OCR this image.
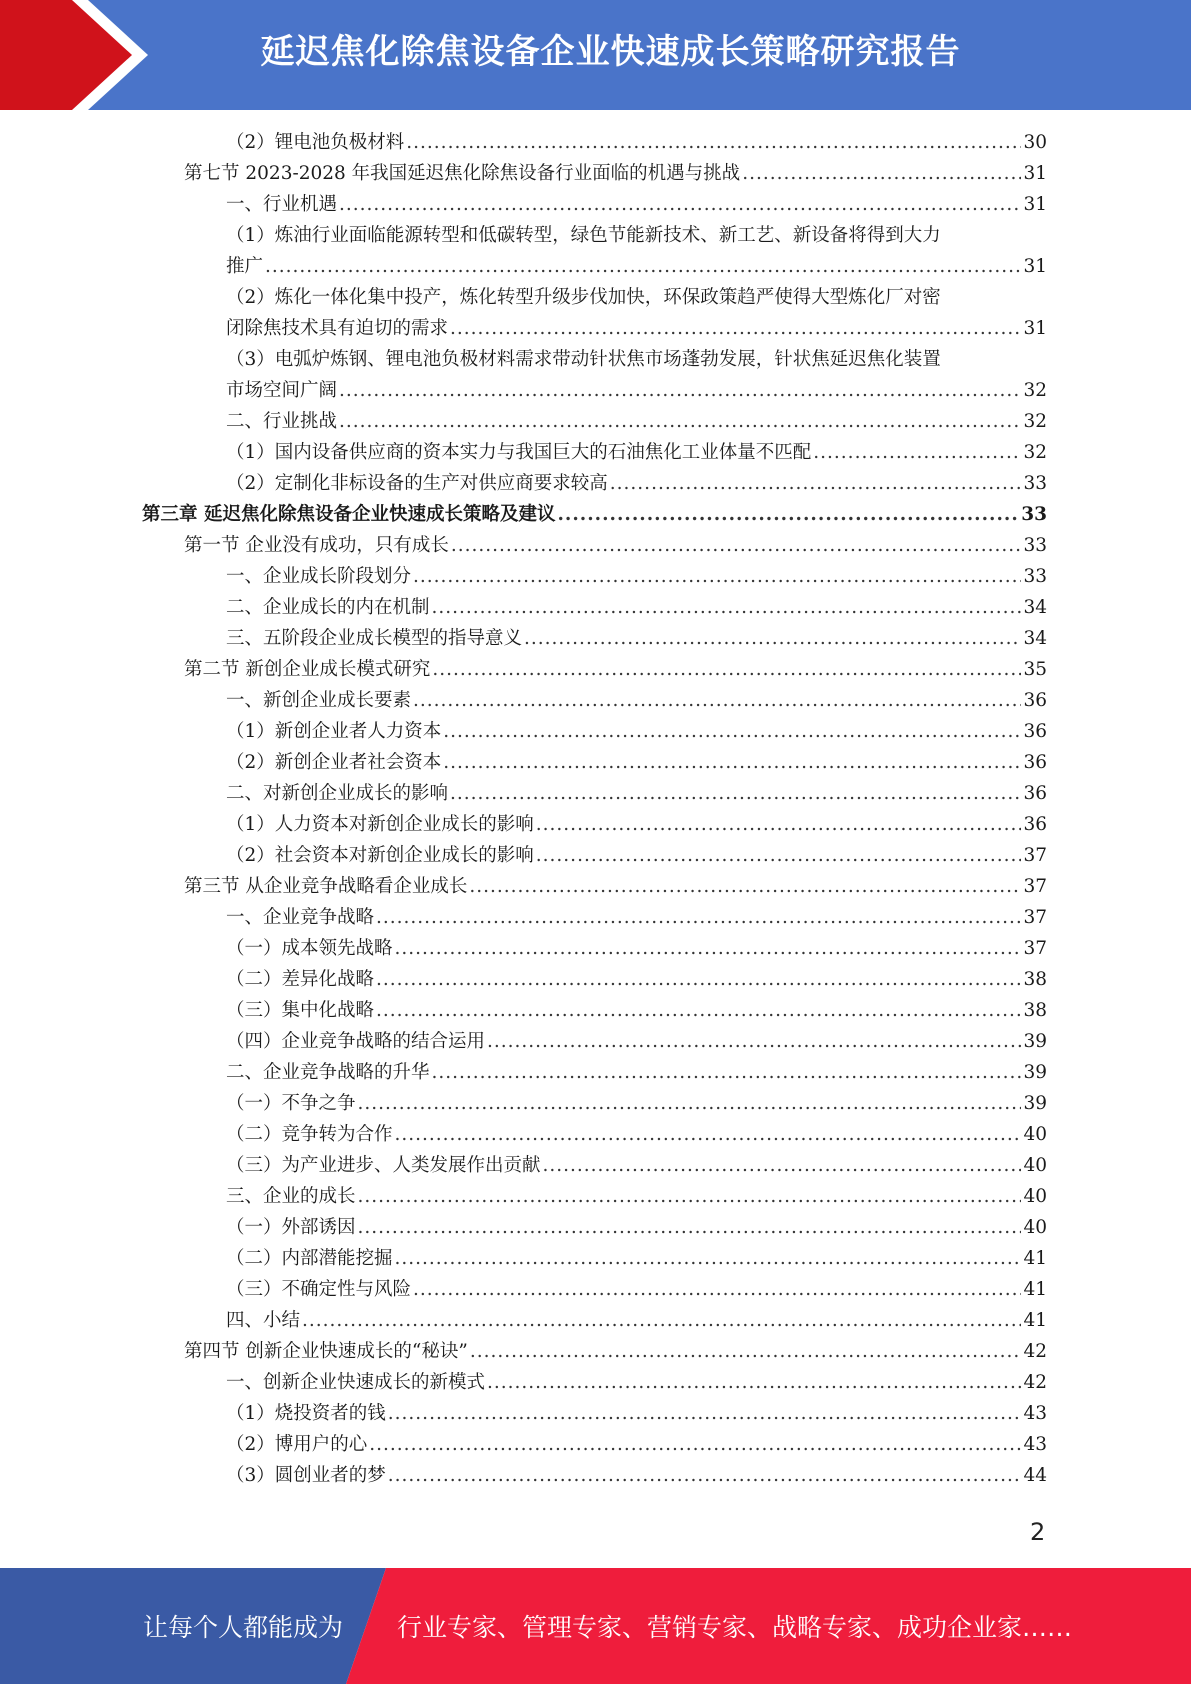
延迟焦化除焦设备企业快速成长策略研究报告
（2）锂电池负极材料 .....	30
第七节 2023-2028 年我国延迟焦化除焦设备行业面临的机遇与挑战 .....	31
一、行业机遇 .....	31
（1）炼油行业面临能源转型和低碳转型，绿色节能新技术、新工艺、新设备将得到大力
推广 .....	31
（2）炼化一体化集中投产，炼化转型升级步伐加快，环保政策趋严使得大型炼化厂对密
闭除焦技术具有迫切的需求 .....	31
（3）电弧炉炼钢、锂电池负极材料需求带动针状焦市场蓬勃发展，针状焦延迟焦化装置
市场空间广阔 .....	32
二、行业挑战 .....	32
（1）国内设备供应商的资本实力与我国巨大的石油焦化工业体量不匹配 .....	32
（2）定制化非标设备的生产对供应商要求较高 .....	33
第三章 延迟焦化除焦设备企业快速成长策略及建议 .....	33
第一节 企业没有成功，只有成长 .....	33
一、企业成长阶段划分 .....	33
二、企业成长的内在机制 .....	34
三、五阶段企业成长模型的指导意义 .....	34
第二节 新创企业成长模式研究 .....	35
一、新创企业成长要素 .....	36
（1）新创企业者人力资本 .....	36
（2）新创企业者社会资本 .....	36
二、对新创企业成长的影响 .....	36
（1）人力资本对新创企业成长的影响 .....	36
（2）社会资本对新创企业成长的影响 .....	37
第三节 从企业竞争战略看企业成长 .....	37
一、企业竞争战略 .....	37
（一）成本领先战略 .....	37
（二）差异化战略 .....	38
（三）集中化战略 .....	38
（四）企业竞争战略的结合运用 .....	39
二、企业竞争战略的升华 .....	39
（一）不争之争 .....	39
（二）竞争转为合作 .....	40
（三）为产业进步、人类发展作出贡献 .....	40
三、企业的成长 .....	40
（一）外部诱因 .....	40
（二）内部潜能挖掘 .....	41
（三）不确定性与风险 .....	41
四、小结 .....	41
第四节 创新企业快速成长的“秘诀” .....	42
一、创新企业快速成长的新模式 .....	42
（1）烧投资者的钱 .....	43
（2）博用户的心 .....	43
（3）圆创业者的梦 .....	44
2
让每个人都能成为 行业专家、管理专家、营销专家、战略专家、成功企业家……
